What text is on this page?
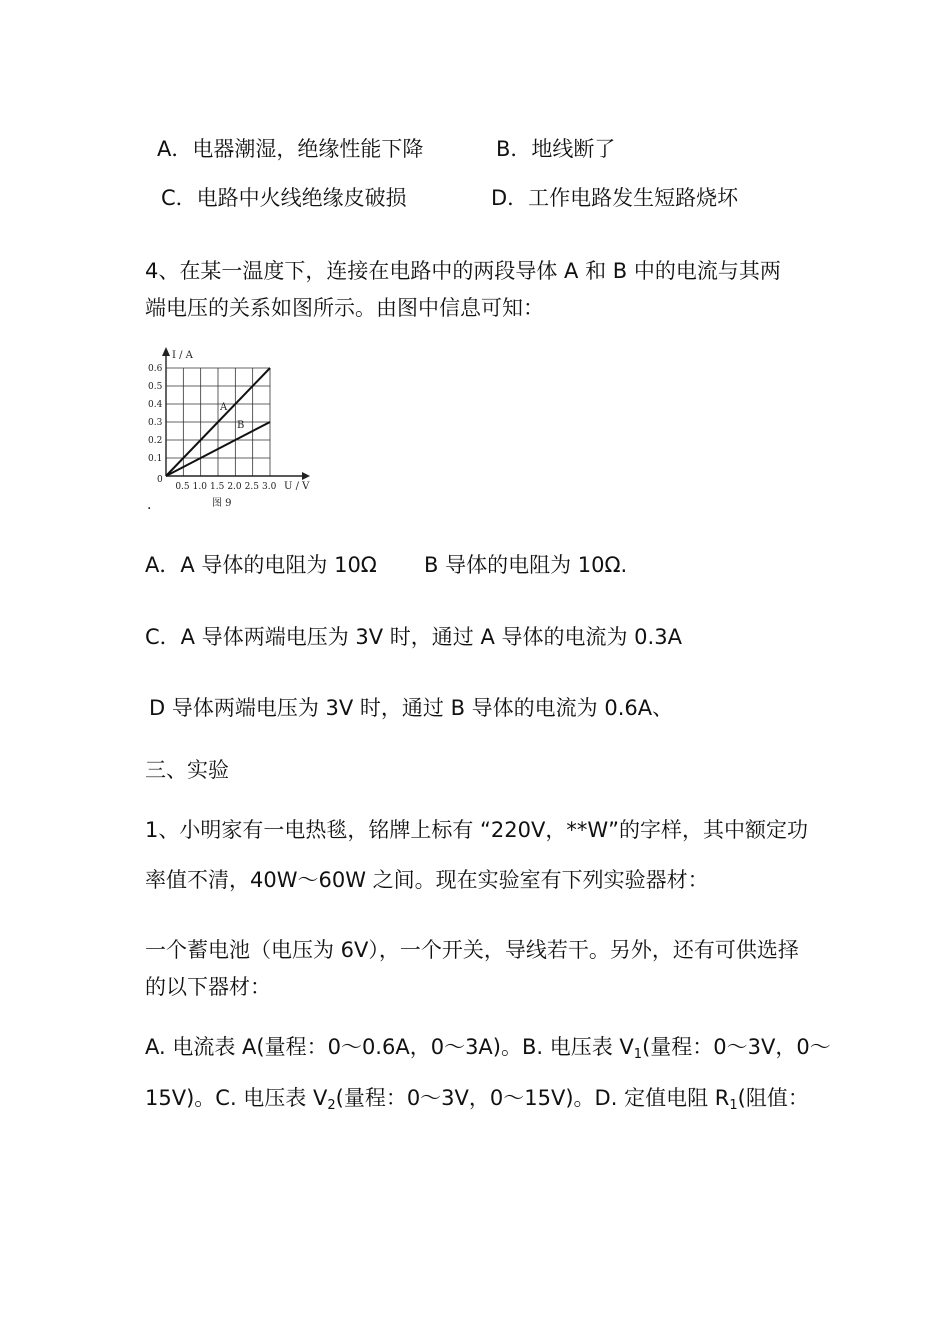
A．电器潮湿，绝缘性能下降	B．地线断了
C．电路中火线绝缘皮破损	D．工作电路发生短路烧坏
4、在某一温度下，连接在电路中的两段导体 A 和 B 中的电流与其两
端电压的关系如图所示。由图中信息可知：
0.1
0.2
0.3
0.4
0.5
0.6
0.5 1.0 1.5 2.0 2.5 3.0
I / A
U / V
0
A
B
图 9
.
A．A 导体的电阻为 10Ω B 导体的电阻为 10Ω.
C．A 导体两端电压为 3V 时，通过 A 导体的电流为 0.3A
D 导体两端电压为 3V 时，通过 B 导体的电流为 0.6A、
三、实验
1、小明家有一电热毯，铭牌上标有 “220V，**W”的字样，其中额定功
率值不清，40W～60W 之间。现在实验室有下列实验器材：
一个蓄电池（电压为 6V），一个开关，导线若干。另外，还有可供选择
的以下器材：
A. 电流表 A(量程：0～0.6A，0～3A)。B. 电压表 $V_1$(量程：0～3V，0～
15V)。C. 电压表 $V_2$(量程：0～3V，0～15V)。D. 定值电阻 $R_1$(阻值：
